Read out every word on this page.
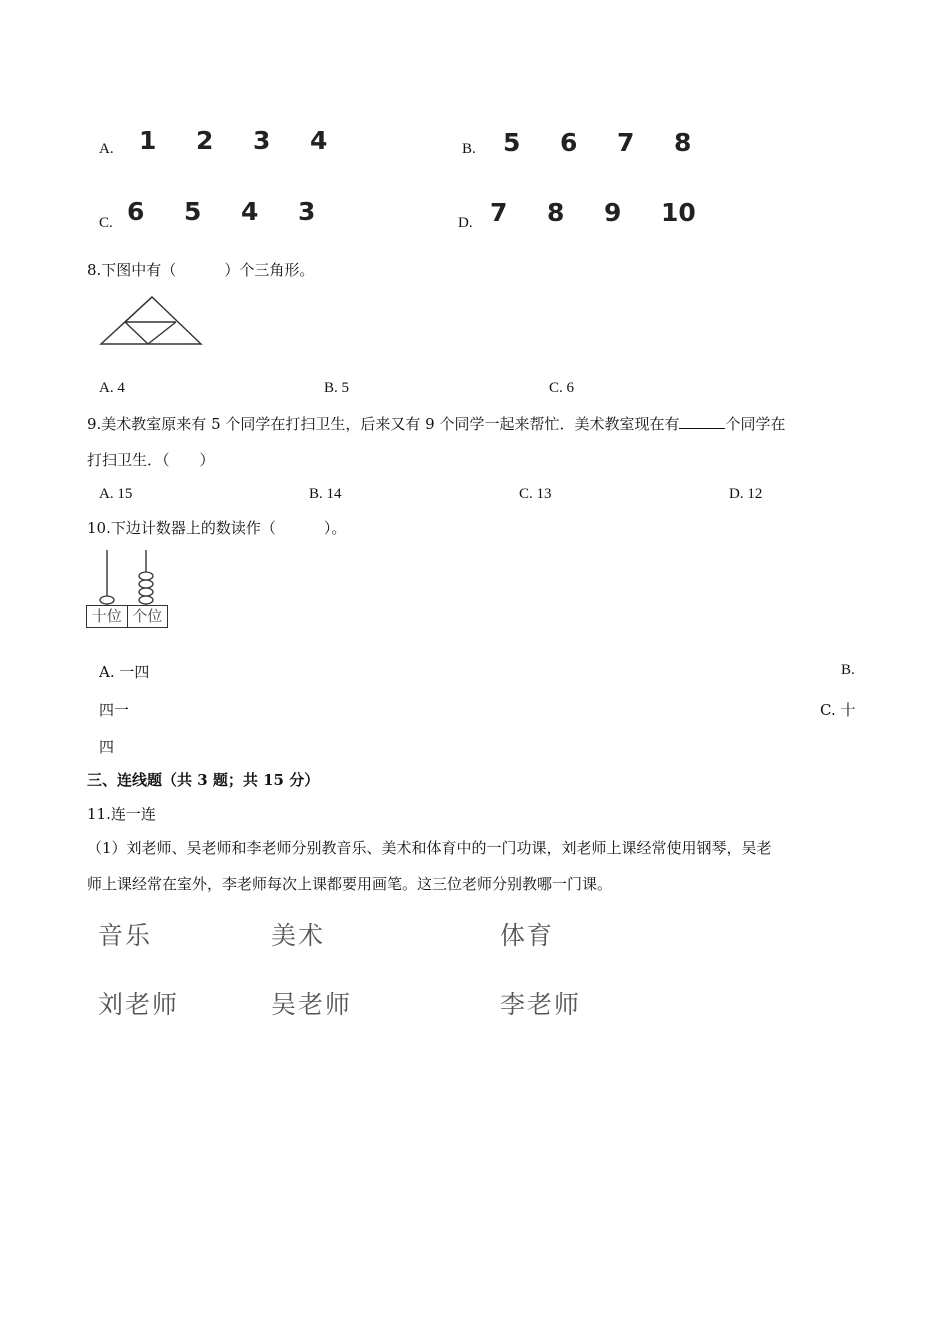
A. 1 2 3 4	B. 5 6 7 8
C. 6 5 4 3	D. 7 8 9 10
8.下图中有（	）个三角形。
A. 4	B. 5	C. 6
9.美术教室原来有 5 个同学在打扫卫生，后来又有 9 个同学一起来帮忙．美术教室现在有	个同学在
打扫卫生．（　　）
A. 15	B. 14	C. 13	D. 12
10.下边计数器上的数读作（	）。
十位 个位
A. 一四	B.
四一	C. 十
四
三、连线题（共 3 题；共 15 分）
11.连一连
（1）刘老师、吴老师和李老师分别教音乐、美术和体育中的一门功课，刘老师上课经常使用钢琴，吴老
师上课经常在室外，李老师每次上课都要用画笔。这三位老师分别教哪一门课。
音乐	美术	体育
刘老师	吴老师	李老师
